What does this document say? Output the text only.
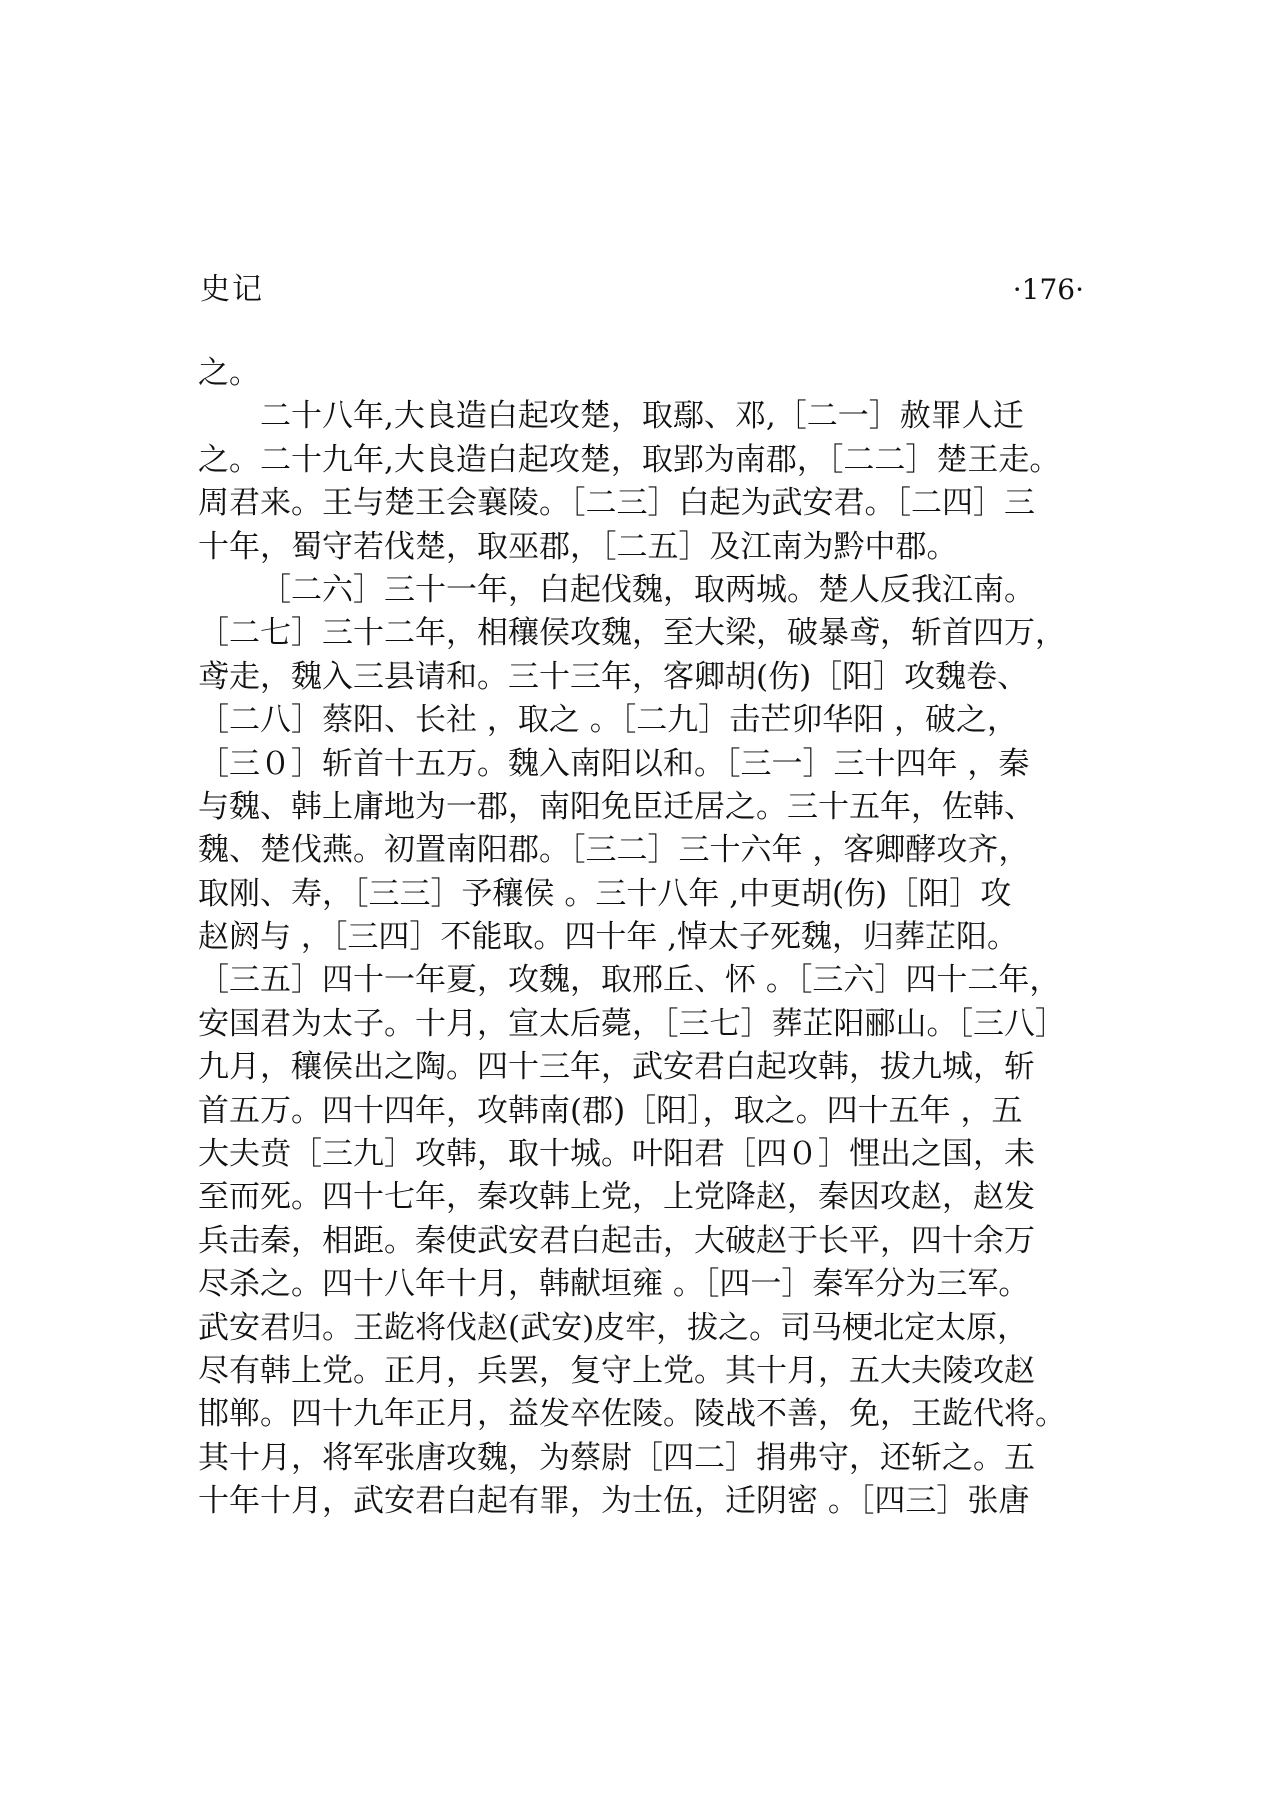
史记	·176·
之。
二十八年,大良造白起攻楚，取鄢、邓,［二一］赦罪人迁
之。二十九年,大良造白起攻楚，取郢为南郡，［二二］楚王走。
周君来。王与楚王会襄陵。［二三］白起为武安君。［二四］三
十年，蜀守若伐楚，取巫郡，［二五］及江南为黔中郡。
［二六］三十一年，白起伐魏，取两城。楚人反我江南。
［二七］三十二年，相穰侯攻魏，至大梁，破暴鸢，斩首四万，
鸢走，魏入三县请和。三十三年，客卿胡(伤)［阳］攻魏卷、
［二八］蔡阳、长社 ，取之 。［二九］击芒卯华阳 ，破之，
［三０］斩首十五万。魏入南阳以和。［三一］三十四年 ，秦
与魏、韩上庸地为一郡，南阳免臣迁居之。三十五年，佐韩、
魏、楚伐燕。初置南阳郡。［三二］三十六年 ，客卿酵攻齐，
取刚、寿，［三三］予穰侯 。三十八年 ,中更胡(伤)［阳］攻
赵阏与 ，［三四］不能取。四十年 ,悼太子死魏，归葬芷阳。
［三五］四十一年夏，攻魏，取邢丘、怀 。［三六］四十二年，
安国君为太子。十月，宣太后薨，［三七］葬芷阳郦山。［三八］
九月，穰侯出之陶。四十三年，武安君白起攻韩，拔九城，斩
首五万。四十四年，攻韩南(郡)［阳］，取之。四十五年 ，五
大夫贲［三九］攻韩，取十城。叶阳君［四０］悝出之国，未
至而死。四十七年，秦攻韩上党，上党降赵，秦因攻赵，赵发
兵击秦，相距。秦使武安君白起击，大破赵于长平，四十余万
尽杀之。四十八年十月，韩献垣雍 。［四一］秦军分为三军。
武安君归。王龁将伐赵(武安)皮牢，拔之。司马梗北定太原，
尽有韩上党。正月，兵罢，复守上党。其十月，五大夫陵攻赵
邯郸。四十九年正月，益发卒佐陵。陵战不善，免，王龁代将。
其十月，将军张唐攻魏，为蔡尉［四二］捐弗守，还斩之。五
十年十月，武安君白起有罪，为士伍，迁阴密 。［四三］张唐
